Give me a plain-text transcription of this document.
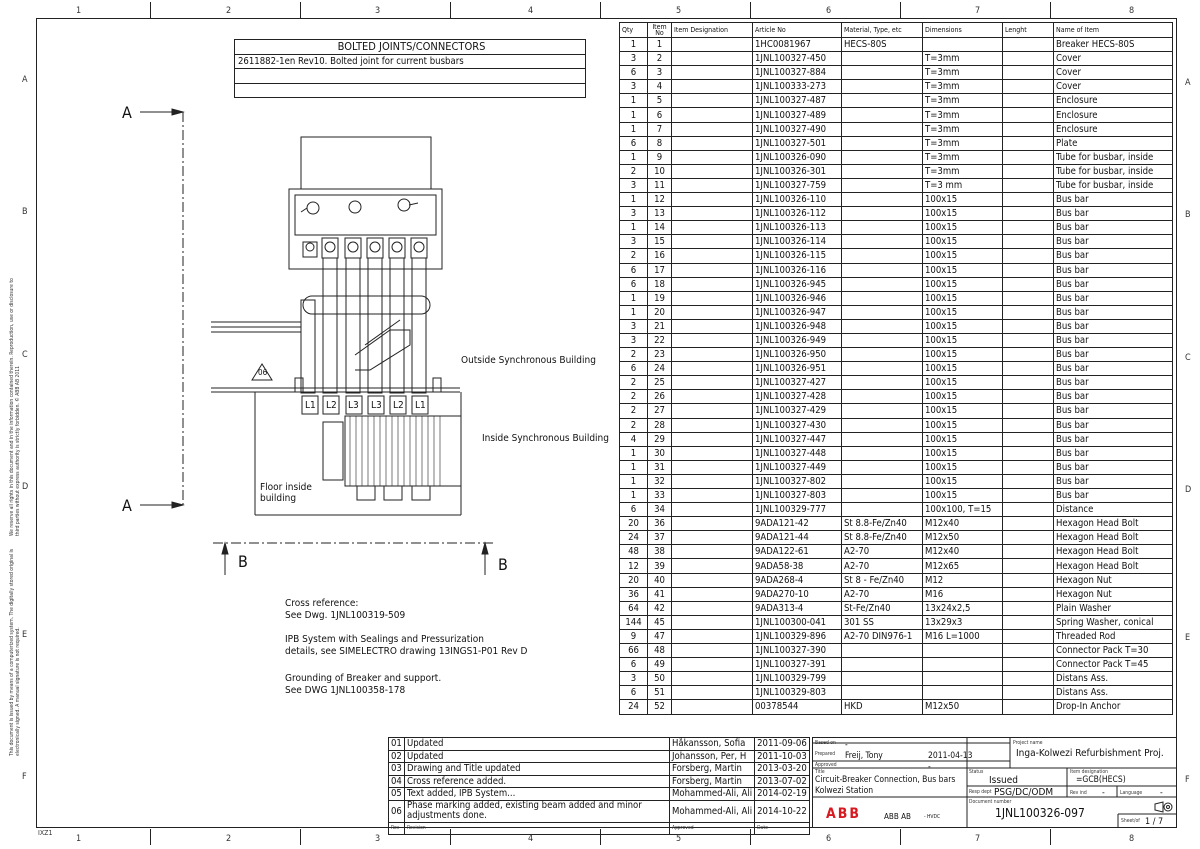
BOLTED JOINTS/CONNECTORS
2611882-1en Rev10. Bolted joint for current busbars
A
A
B	B
Outside Synchronous Building
Inside Synchronous Building
Floor inside
building
06
L1 L2 L3 L3 L2 L1
Cross reference:
See Dwg. 1JNL100319-509
IPB System with Sealings and Pressurization
details, see SIMELECTRO drawing 13INGS1-P01 Rev D
Grounding of Breaker and support.
See DWG 1JNL100358-178
We reserve all rights in this document and in the information contained therein. Reproduction, use or disclosure to third parties without express authority is strictly forbidden. © ABB AB 2011
This document is issued by means of a computerized system. The digitally stored original is electronically signed. A manual signature is not required.
Qty	Item No	Item Designation	Article No	Material, Type, etc	Dimensions	Lenght	Name of Item
1	1		1HC0081967	HECS-80S			Breaker HECS-80S
3	2		1JNL100327-450		T=3mm		Cover
6	3		1JNL100327-884		T=3mm		Cover
3	4		1JNL100333-273		T=3mm		Cover
1	5		1JNL100327-487		T=3mm		Enclosure
1	6		1JNL100327-489		T=3mm		Enclosure
1	7		1JNL100327-490		T=3mm		Enclosure
6	8		1JNL100327-501		T=3mm		Plate
1	9		1JNL100326-090		T=3mm		Tube for busbar, inside
2	10		1JNL100326-301		T=3mm		Tube for busbar, inside
3	11		1JNL100327-759		T=3 mm		Tube for busbar, inside
1	12		1JNL100326-110		100x15		Bus bar
3	13		1JNL100326-112		100x15		Bus bar
1	14		1JNL100326-113		100x15		Bus bar
3	15		1JNL100326-114		100x15		Bus bar
2	16		1JNL100326-115		100x15		Bus bar
6	17		1JNL100326-116		100x15		Bus bar
6	18		1JNL100326-945		100x15		Bus bar
1	19		1JNL100326-946		100x15		Bus bar
1	20		1JNL100326-947		100x15		Bus bar
3	21		1JNL100326-948		100x15		Bus bar
3	22		1JNL100326-949		100x15		Bus bar
2	23		1JNL100326-950		100x15		Bus bar
6	24		1JNL100326-951		100x15		Bus bar
2	25		1JNL100327-427		100x15		Bus bar
2	26		1JNL100327-428		100x15		Bus bar
2	27		1JNL100327-429		100x15		Bus bar
2	28		1JNL100327-430		100x15		Bus bar
4	29		1JNL100327-447		100x15		Bus bar
1	30		1JNL100327-448		100x15		Bus bar
1	31		1JNL100327-449		100x15		Bus bar
1	32		1JNL100327-802		100x15		Bus bar
1	33		1JNL100327-803		100x15		Bus bar
6	34		1JNL100329-777		100x100, T=15		Distance
20	36		9ADA121-42	St 8.8-Fe/Zn40	M12x40		Hexagon Head Bolt
24	37		9ADA121-44	St 8.8-Fe/Zn40	M12x50		Hexagon Head Bolt
48	38		9ADA122-61	A2-70	M12x40		Hexagon Head Bolt
12	39		9ADA58-38	A2-70	M12x65		Hexagon Head Bolt
20	40		9ADA268-4	St 8 - Fe/Zn40	M12		Hexagon Nut
36	41		9ADA270-10	A2-70	M16		Hexagon Nut
64	42		9ADA313-4	St-Fe/Zn40	13x24x2,5		Plain Washer
144	45		1JNL100300-041	301 SS	13x29x3		Spring Washer, conical
9	47		1JNL100329-896	A2-70 DIN976-1	M16 L=1000		Threaded Rod
66	48		1JNL100327-390				Connector Pack T=30
6	49		1JNL100327-391				Connector Pack T=45
3	50		1JNL100329-799				Distans Ass.
6	51		1JNL100329-803				Distans Ass.
24	52		00378544	HKD	M12x50		Drop-In Anchor
01	Updated	Håkansson, Sofia	2011-09-06
02	Updated	Johansson, Per, H	2011-10-03
03	Drawing and Title updated	Forsberg, Martin	2013-03-20
04	Cross reference added.	Forsberg, Martin	2013-07-02
05	Text added, IPB System...	Mohammed-Ali, Ali	2014-02-19
06	Phase marking added, existing beam added and minor adjustments done.	Mohammed-Ali, Ali	2014-10-22
Rev	Revision	Approved	Date
Based on -
Prepared Freij, Tony	2011-04-13
Approved	-
Title
Circuit-Breaker Connection, Bus bars
Kolwezi Station
Status
Issued
Resp dept PSG/DC/ODM
Project name
Inga-Kolwezi Refurbishment Proj.
Item designation
=GCB(HECS)
Rev ind -	Language -
Document number
1JNL100326-097
ABB	ABB AB	- HVDC
Sheet/of 1 / 7
1
1
2
2
3
3
4
4
5
5
6
6
7
7
8
8
A	A
B	B
C	C
D	D
E	E
F	F
IXZ1
